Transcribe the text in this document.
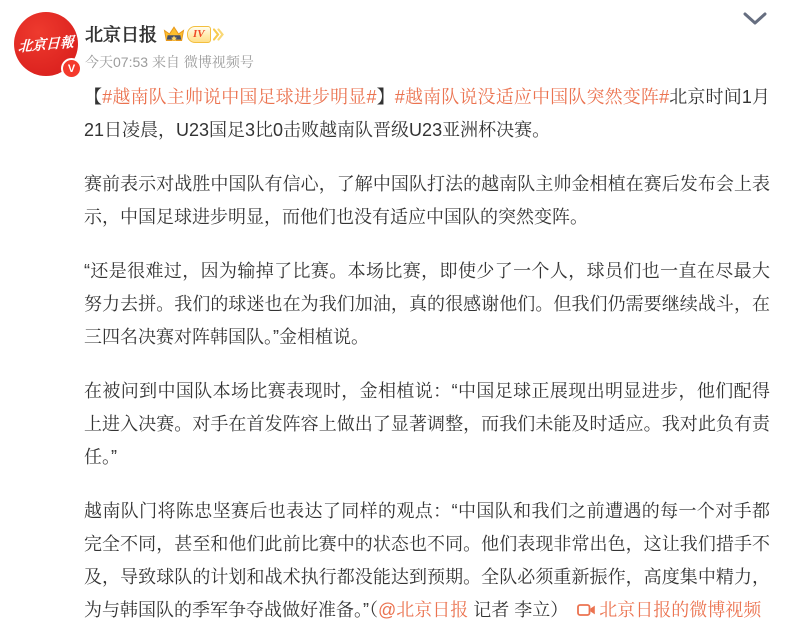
北京日報
V
北京日报	IV
今天07:53 来自 微博视频号

【#越南队主帅说中国足球进步明显#】#越南队说没适应中国队突然变阵#北京时间1月21日凌晨，U23国足3比0击败越南队晋级U23亚洲杯决赛。

赛前表示对战胜中国队有信心，了解中国队打法的越南队主帅金相植在赛后发布会上表示，中国足球进步明显，而他们也没有适应中国队的突然变阵。

“还是很难过，因为输掉了比赛。本场比赛，即使少了一个人，球员们也一直在尽最大努力去拼。我们的球迷也在为我们加油，真的很感谢他们。但我们仍需要继续战斗，在三四名决赛对阵韩国队。”金相植说。

在被问到中国队本场比赛表现时，金相植说：“中国足球正展现出明显进步，他们配得上进入决赛。对手在首发阵容上做出了显著调整，而我们未能及时适应。我对此负有责任。”

越南队门将陈忠坚赛后也表达了同样的观点：“中国队和我们之前遭遇的每一个对手都完全不同，甚至和他们此前比赛中的状态也不同。他们表现非常出色，这让我们措手不及，导致球队的计划和战术执行都没能达到预期。全队必须重新振作，高度集中精力，为与韩国队的季军争夺战做好准备。”（@北京日报 记者 李立） 北京日报的微博视频
